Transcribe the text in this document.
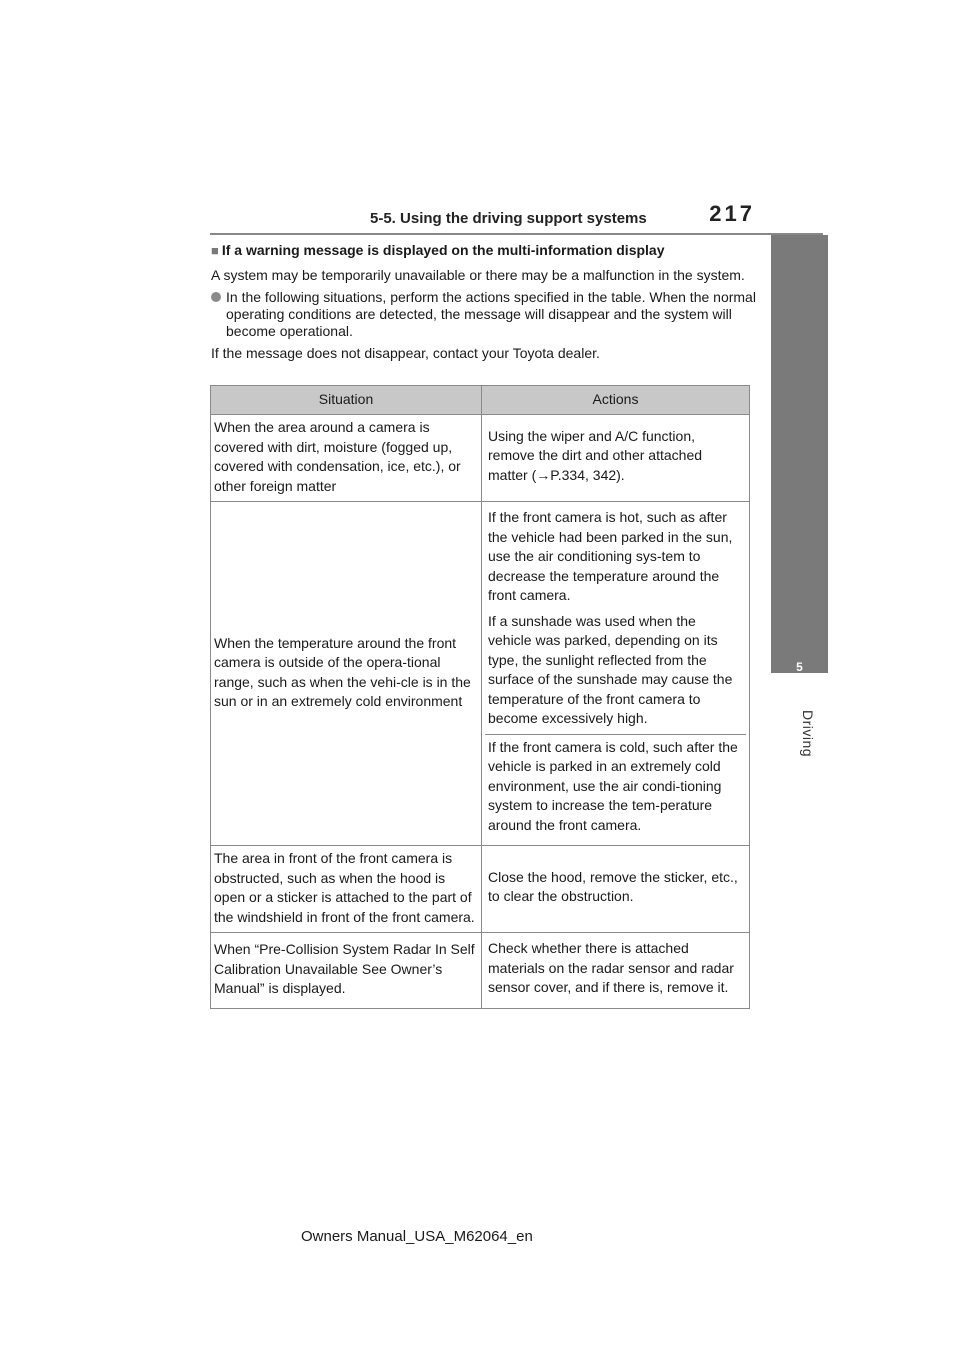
5-5. Using the driving support systems	217
5
Driving
■ If a warning message is displayed on the multi-information display
A system may be temporarily unavailable or there may be a malfunction in the system.
In the following situations, perform the actions specified in the table. When the normal operating conditions are detected, the message will disappear and the system will become operational.
If the message does not disappear, contact your Toyota dealer.
Situation	Actions
When the area around a camera is covered with dirt, moisture (fogged up, covered with condensation, ice, etc.), or other foreign matter	Using the wiper and A/C function, remove the dirt and other attached matter (→P.334, 342).

When the temperature around the front camera is outside of the opera-tional range, such as when the vehi-cle is in the sun or in an extremely cold environment	If the front camera is hot, such as after the vehicle had been parked in the sun, use the air conditioning sys-tem to decrease the temperature around the front camera.
If a sunshade was used when the vehicle was parked, depending on its type, the sunlight reflected from the surface of the sunshade may cause the temperature of the front camera to become excessively high.
If the front camera is cold, such after the vehicle is parked in an extremely cold environment, use the air condi-tioning system to increase the tem-perature around the front camera.

The area in front of the front camera is obstructed, such as when the hood is open or a sticker is attached to the part of the windshield in front of the front camera.	Close the hood, remove the sticker, etc., to clear the obstruction.

When “Pre-Collision System Radar In Self Calibration Unavailable See Owner’s Manual” is displayed.	Check whether there is attached materials on the radar sensor and radar sensor cover, and if there is, remove it.
Owners Manual_USA_M62064_en
